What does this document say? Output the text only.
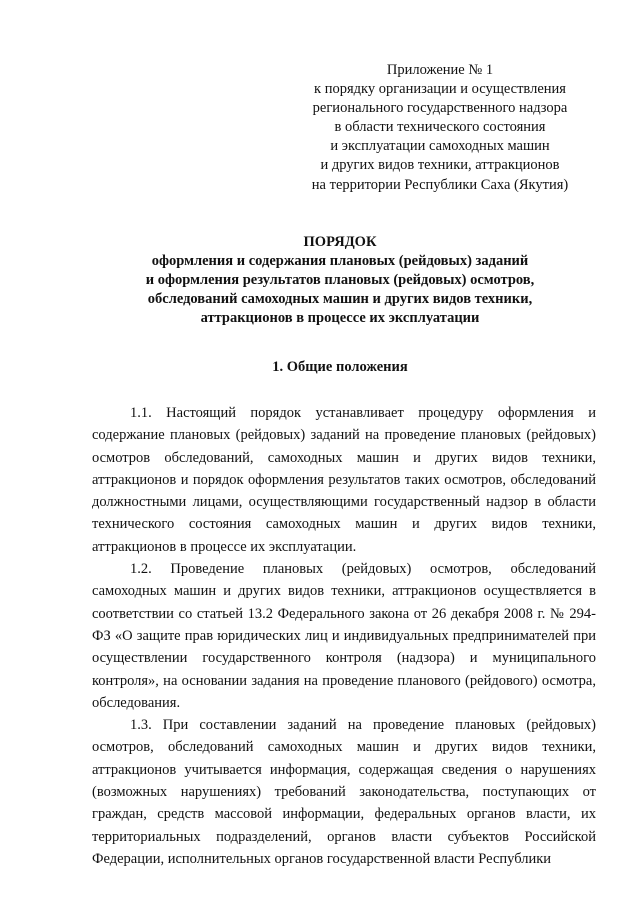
Приложение № 1
к порядку организации и осуществления
регионального государственного надзора
в области технического состояния
и эксплуатации самоходных машин
и других видов техники, аттракционов
на территории Республики Саха (Якутия)
ПОРЯДОК
оформления и содержания плановых (рейдовых) заданий
и оформления результатов плановых (рейдовых) осмотров,
обследований самоходных машин и других видов техники,
аттракционов в процессе их эксплуатации
1. Общие положения

1.1. Настоящий порядок устанавливает процедуру оформления и содержание плановых (рейдовых) заданий на проведение плановых (рейдовых) осмотров обследований, самоходных машин и других видов техники, аттракционов и порядок оформления результатов таких осмотров, обследований должностными лицами, осуществляющими государственный надзор в области технического состояния самоходных машин и других видов техники, аттракционов в процессе их эксплуатации.

1.2. Проведение плановых (рейдовых) осмотров, обследований самоходных машин и других видов техники, аттракционов осуществляется в соответствии со статьей 13.2 Федерального закона от 26 декабря 2008 г. № 294-ФЗ «О защите прав юридических лиц и индивидуальных предпринимателей при осуществлении государственного контроля (надзора) и муниципального контроля», на основании задания на проведение планового (рейдового) осмотра, обследования.

1.3. При составлении заданий на проведение плановых (рейдовых) осмотров, обследований самоходных машин и других видов техники, аттракционов учитывается информация, содержащая сведения о нарушениях (возможных нарушениях) требований законодательства, поступающих от граждан, средств массовой информации, федеральных органов власти, их территориальных подразделений, органов власти субъектов Российской Федерации, исполнительных органов государственной власти Республики
